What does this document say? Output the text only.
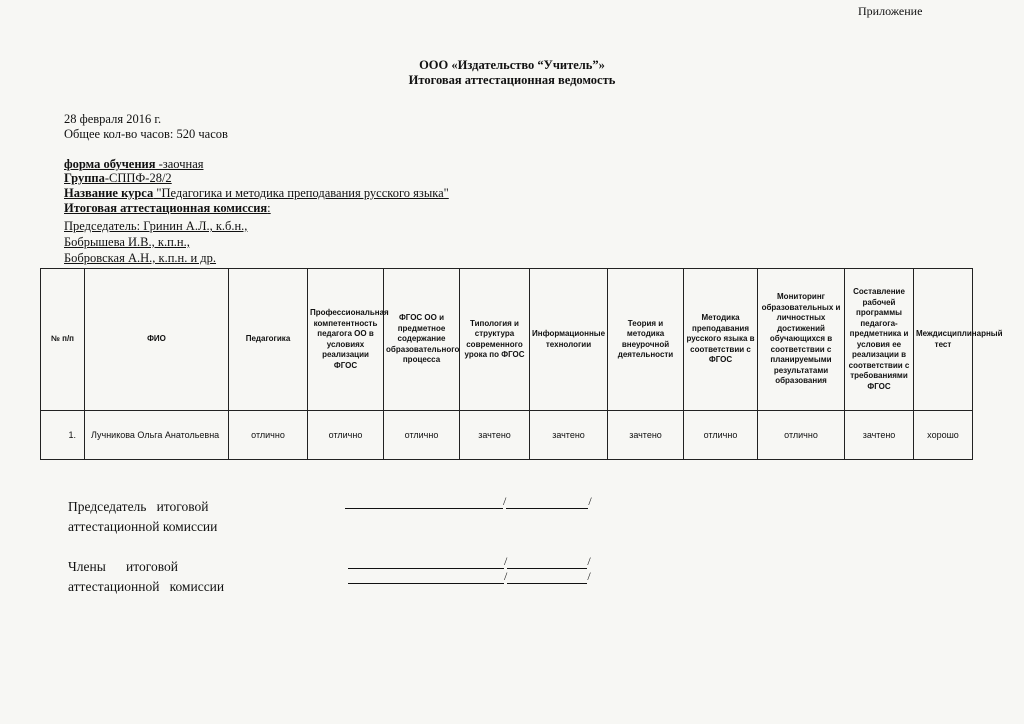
Приложение
ООО «Издательство “Учитель”»
Итоговая аттестационная ведомость
28 февраля 2016 г.
Общее кол-во часов: 520 часов
форма обучения -заочная
Группа-СППФ-28/2
Название курса "Педагогика и методика преподавания русского языка"
Итоговая аттестационная комиссия:
Председатель: Гринин А.Л., к.б.н.,
Бобрышева И.В., к.п.н.,
Бобровская А.Н., к.п.н. и др.
№ п/п	ФИО	Педагогика	Профессиональная компетентность педагога ОО в условиях реализации ФГОС	ФГОС ОО и предметное содержание образовательного процесса	Типология и структура современного урока по ФГОС	Информационные технологии	Теория и методика внеурочной деятельности	Методика преподавания русского языка в соответствии с ФГОС	Мониторинг образовательных и личностных достижений обучающихся в соответствии с планируемыми результатами образования	Составление рабочей программы педагога-предметника и условия ее реализации в соответствии с требованиями ФГОС	Междисциплинарный тест
1.	Лучникова Ольга Анатольевна	отлично	отлично	отлично	зачтено	зачтено	зачтено	отлично	отлично	зачтено	хорошо
Председатель   итоговой
аттестационной комиссии
/	/
Члены      итоговой
аттестационной   комиссии
/	/
/	/
